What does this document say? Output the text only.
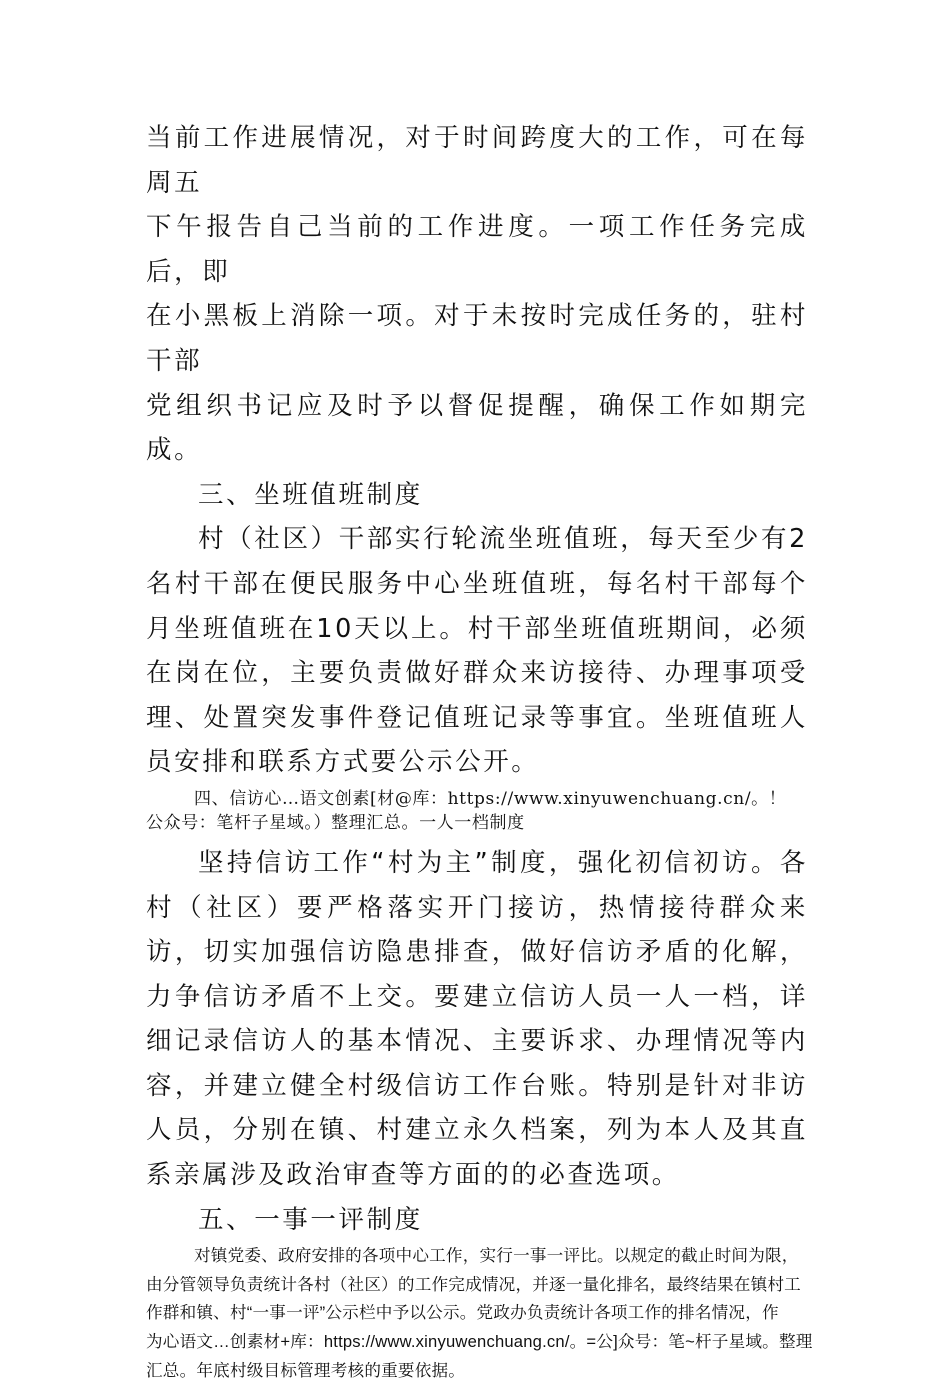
当前工作进展情况，对于时间跨度大的工作，可在每周五
下午报告自己当前的工作进度。一项工作任务完成后，即
在小黑板上消除一项。对于未按时完成任务的，驻村干部
党组织书记应及时予以督促提醒，确保工作如期完成。

三、坐班值班制度

村（社区）干部实行轮流坐班值班，每天至少有2名村干部在便民服务中心坐班值班，每名村干部每个月坐班值班在10天以上。村干部坐班值班期间，必须在岗在位，主要负责做好群众来访接待、办理事项受理、处置突发事件登记值班记录等事宜。坐班值班人员安排和联系方式要公示公开。

四、信访心…语文创素[材@库：https://www.xinyuwenchuang.cn/。！
公众号：笔杆子星域。）整理汇总。一人一档制度

坚持信访工作“村为主”制度，强化初信初访。各村（社区）要严格落实开门接访，热情接待群众来访，切实加强信访隐患排查，做好信访矛盾的化解，力争信访矛盾不上交。要建立信访人员一人一档，详细记录信访人的基本情况、主要诉求、办理情况等内容，并建立健全村级信访工作台账。特别是针对非访人员，分别在镇、村建立永久档案，列为本人及其直系亲属涉及政治审查等方面的的必查选项。

五、一事一评制度

对镇党委、政府安排的各项中心工作，实行一事一评比。以规定的截止时间为限，
由分管领导负责统计各村（社区）的工作完成情况，并逐一量化排名，最终结果在镇村工
作群和镇、村“一事一评”公示栏中予以公示。党政办负责统计各项工作的排名情况，作
为心语文…创素材+库：https://www.xinyuwenchuang.cn/。=公]众号：笔~杆子星域。整理
汇总。年底村级目标管理考核的重要依据。
